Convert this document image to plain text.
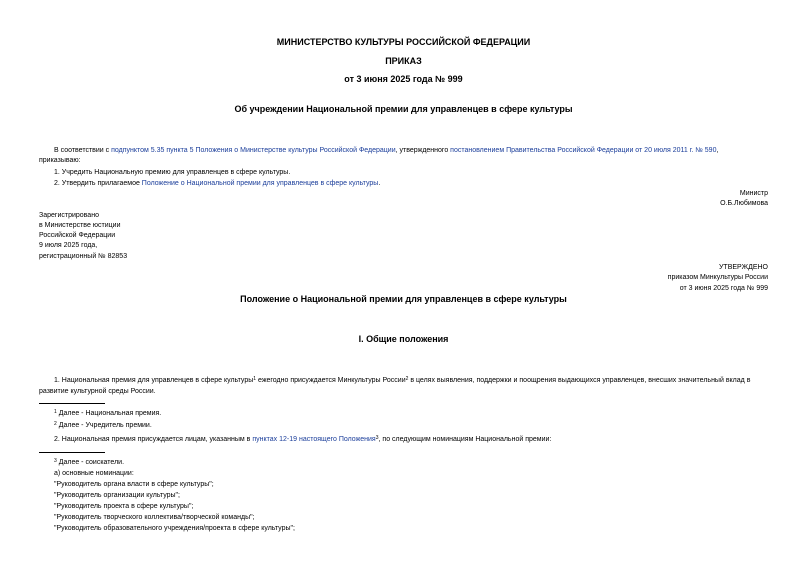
МИНИСТЕРСТВО КУЛЬТУРЫ РОССИЙСКОЙ ФЕДЕРАЦИИ
ПРИКАЗ
от 3 июня 2025 года № 999
Об учреждении Национальной премии для управленцев в сфере культуры
В соответствии с подпунктом 5.35 пункта 5 Положения о Министерстве культуры Российской Федерации, утвержденного постановлением Правительства Российской Федерации от 20 июля 2011 г. № 590,
приказываю:
1. Учредить Национальную премию для управленцев в сфере культуры.
2. Утвердить прилагаемое Положение о Национальной премии для управленцев в сфере культуры.
Министр
О.Б.Любимова
Зарегистрировано
в Министерстве юстиции
Российской Федерации
9 июля 2025 года,
регистрационный № 82853
УТВЕРЖДЕНО
приказом Минкультуры России
от 3 июня 2025 года № 999
Положение о Национальной премии для управленцев в сфере культуры
I. Общие положения
1. Национальная премия для управленцев в сфере культуры$^1$ ежегодно присуждается Минкультуры России$^2$ в целях выявления, поддержки и поощрения выдающихся управленцев, внесших значительный вклад в
развитие культурной среды России.
$^1$ Далее - Национальная премия.
$^2$ Далее - Учредитель премии.
2. Национальная премия присуждается лицам, указанным в пунктах 12-19 настоящего Положения$^3$, по следующим номинациям Национальной премии:
$^3$ Далее - соискатели.
а) основные номинации:
"Руководитель органа власти в сфере культуры";
"Руководитель организации культуры";
"Руководитель проекта в сфере культуры";
"Руководитель творческого коллектива/творческой команды";
"Руководитель образовательного учреждения/проекта в сфере культуры";
